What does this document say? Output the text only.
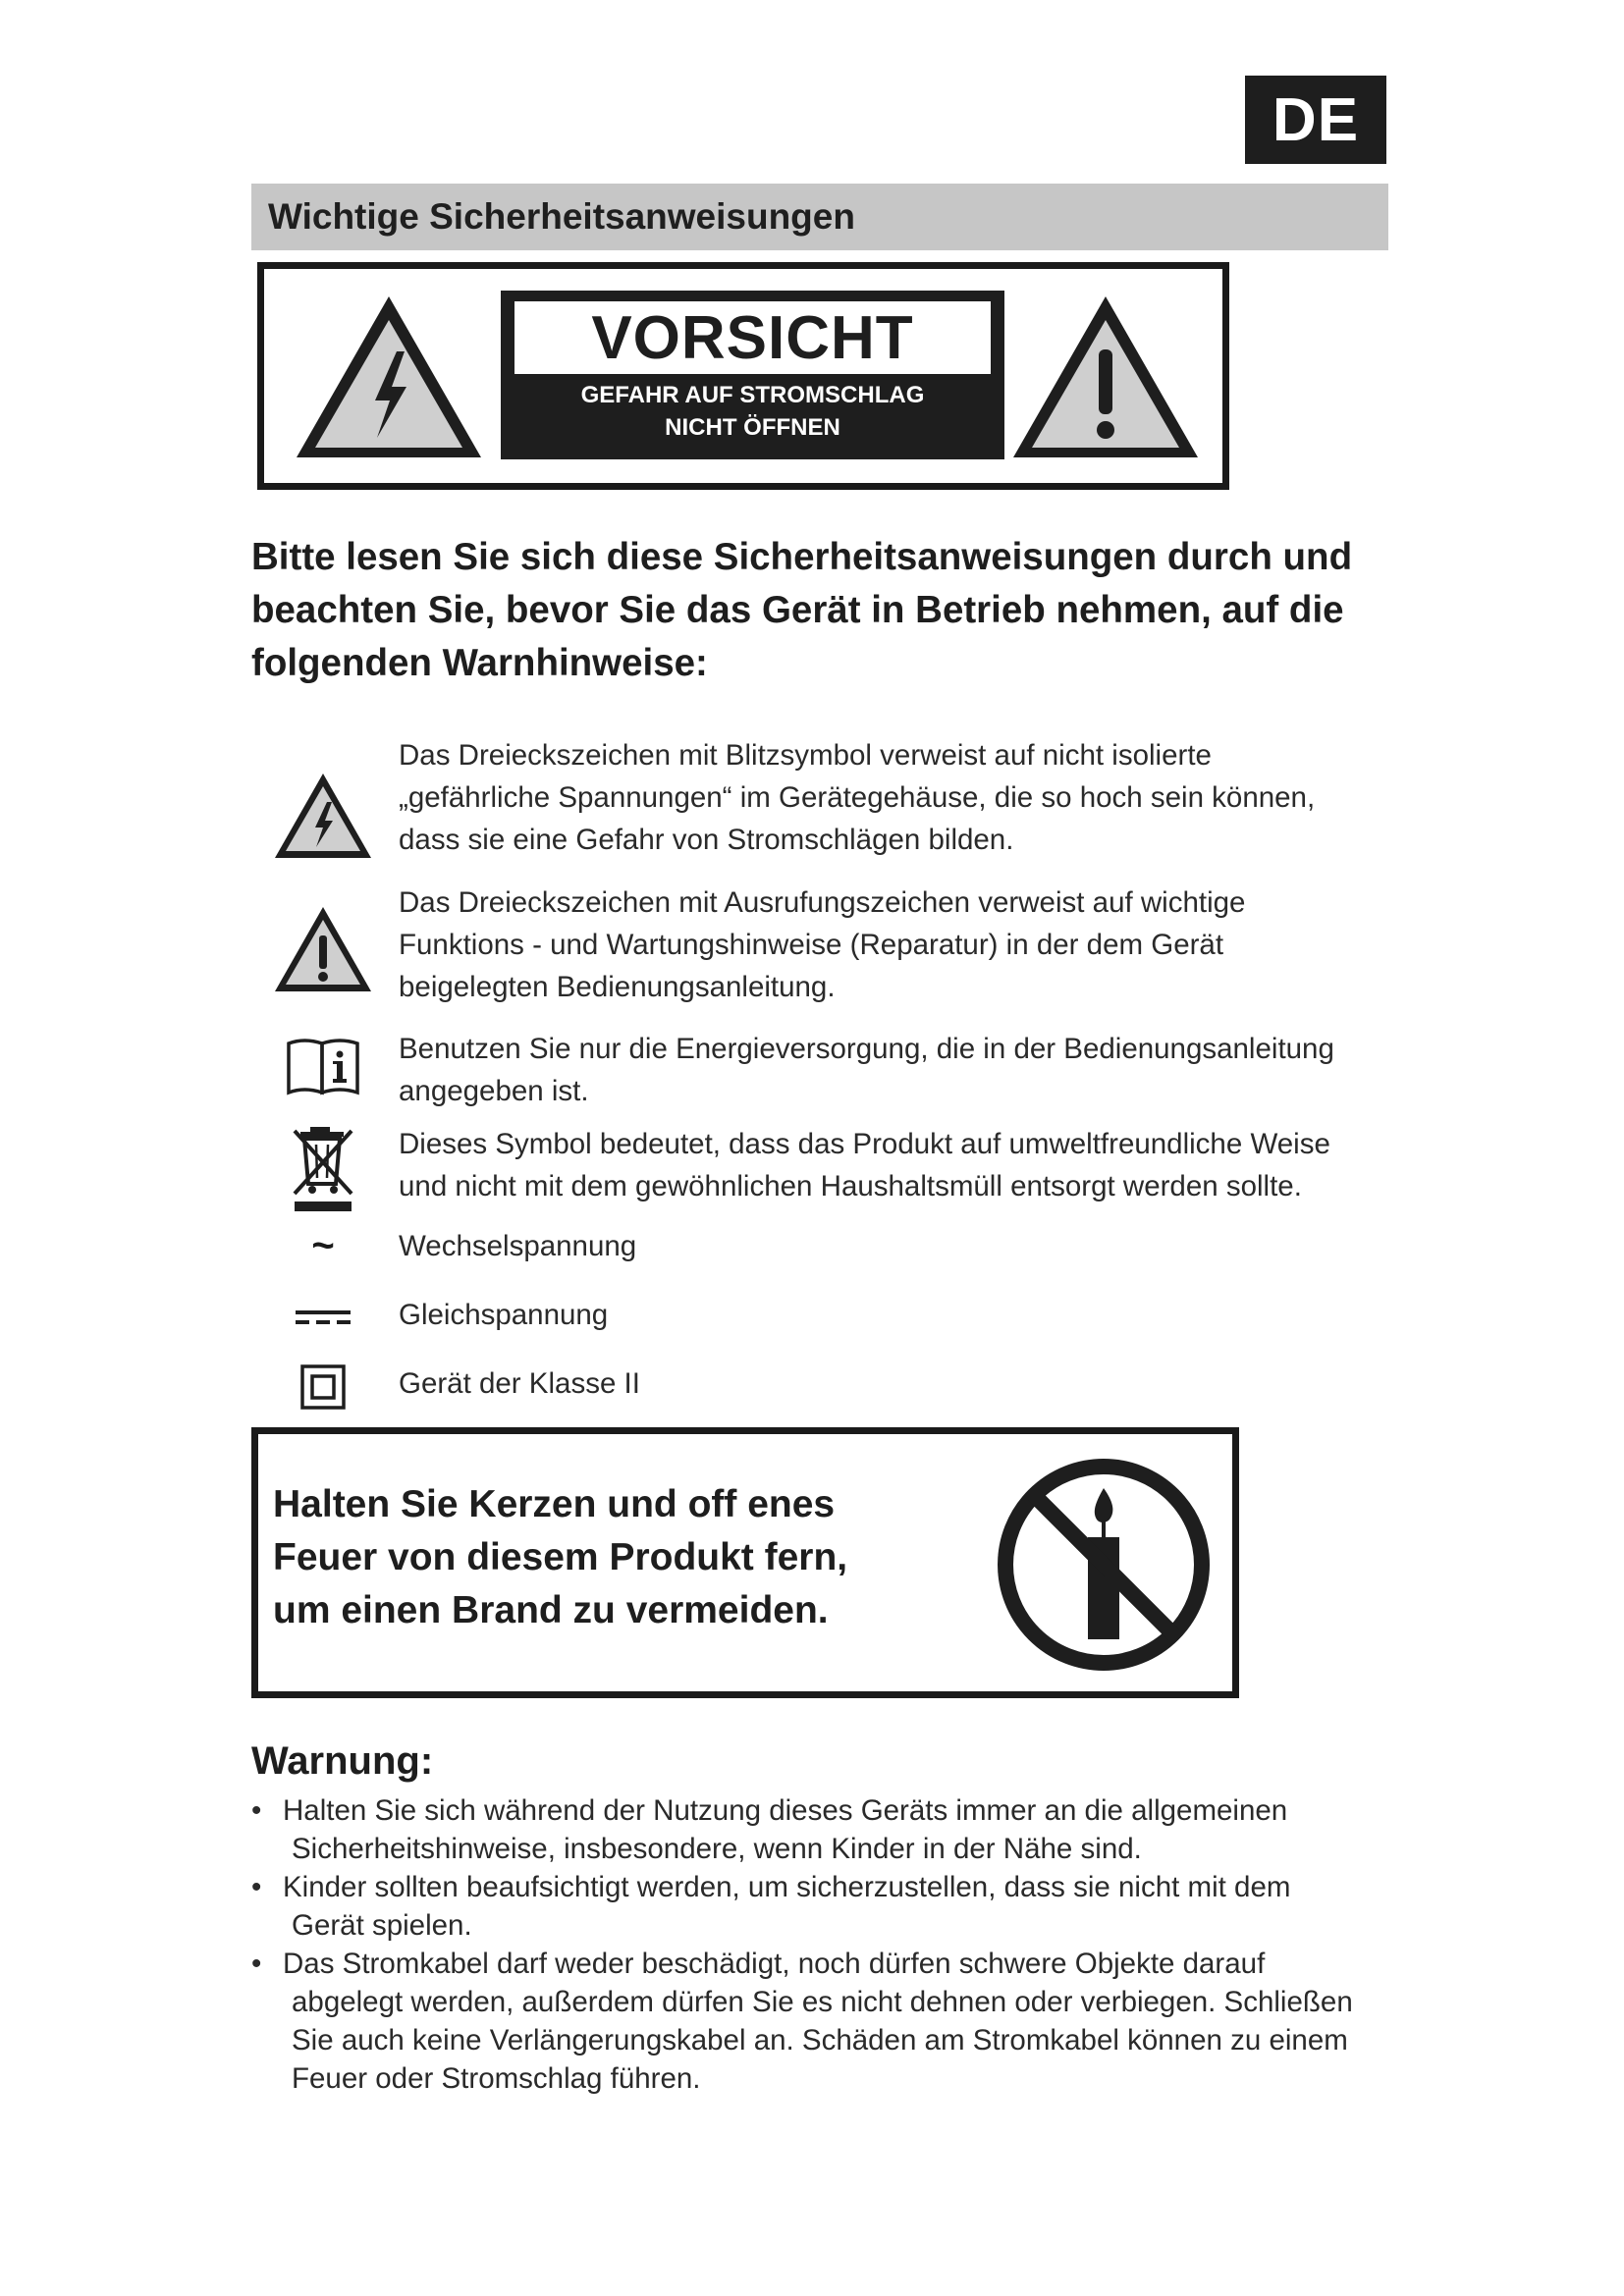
DE
Wichtige Sicherheitsanweisungen
VORSICHT
GEFAHR AUF STROMSCHLAG
NICHT ÖFFNEN
Bitte lesen Sie sich diese Sicherheitsanweisungen durch und
beachten Sie, bevor Sie das Gerät in Betrieb nehmen, auf die
folgenden Warnhinweise:
Das Dreieckszeichen mit Blitzsymbol verweist auf nicht isolierte
„gefährliche Spannungen“ im Gerätegehäuse, die so hoch sein können,
dass sie eine Gefahr von Stromschlägen bilden.
Das Dreieckszeichen mit Ausrufungszeichen verweist auf wichtige
Funktions - und Wartungshinweise (Reparatur) in der dem Gerät
beigelegten Bedienungsanleitung.
Benutzen Sie nur die Energieversorgung, die in der Bedienungsanleitung
angegeben ist.
Dieses Symbol bedeutet, dass das Produkt auf umweltfreundliche Weise
und nicht mit dem gewöhnlichen Haushaltsmüll entsorgt werden sollte.
~ Wechselspannung
Gleichspannung
Gerät der Klasse II
Halten Sie Kerzen und off enes
Feuer von diesem Produkt fern,
um einen Brand zu vermeiden.
Warnung:
• Halten Sie sich während der Nutzung dieses Geräts immer an die allgemeinen
Sicherheitshinweise, insbesondere, wenn Kinder in der Nähe sind.
• Kinder sollten beaufsichtigt werden, um sicherzustellen, dass sie nicht mit dem
Gerät spielen.
• Das Stromkabel darf weder beschädigt, noch dürfen schwere Objekte darauf
abgelegt werden, außerdem dürfen Sie es nicht dehnen oder verbiegen. Schließen
Sie auch keine Verlängerungskabel an. Schäden am Stromkabel können zu einem
Feuer oder Stromschlag führen.
